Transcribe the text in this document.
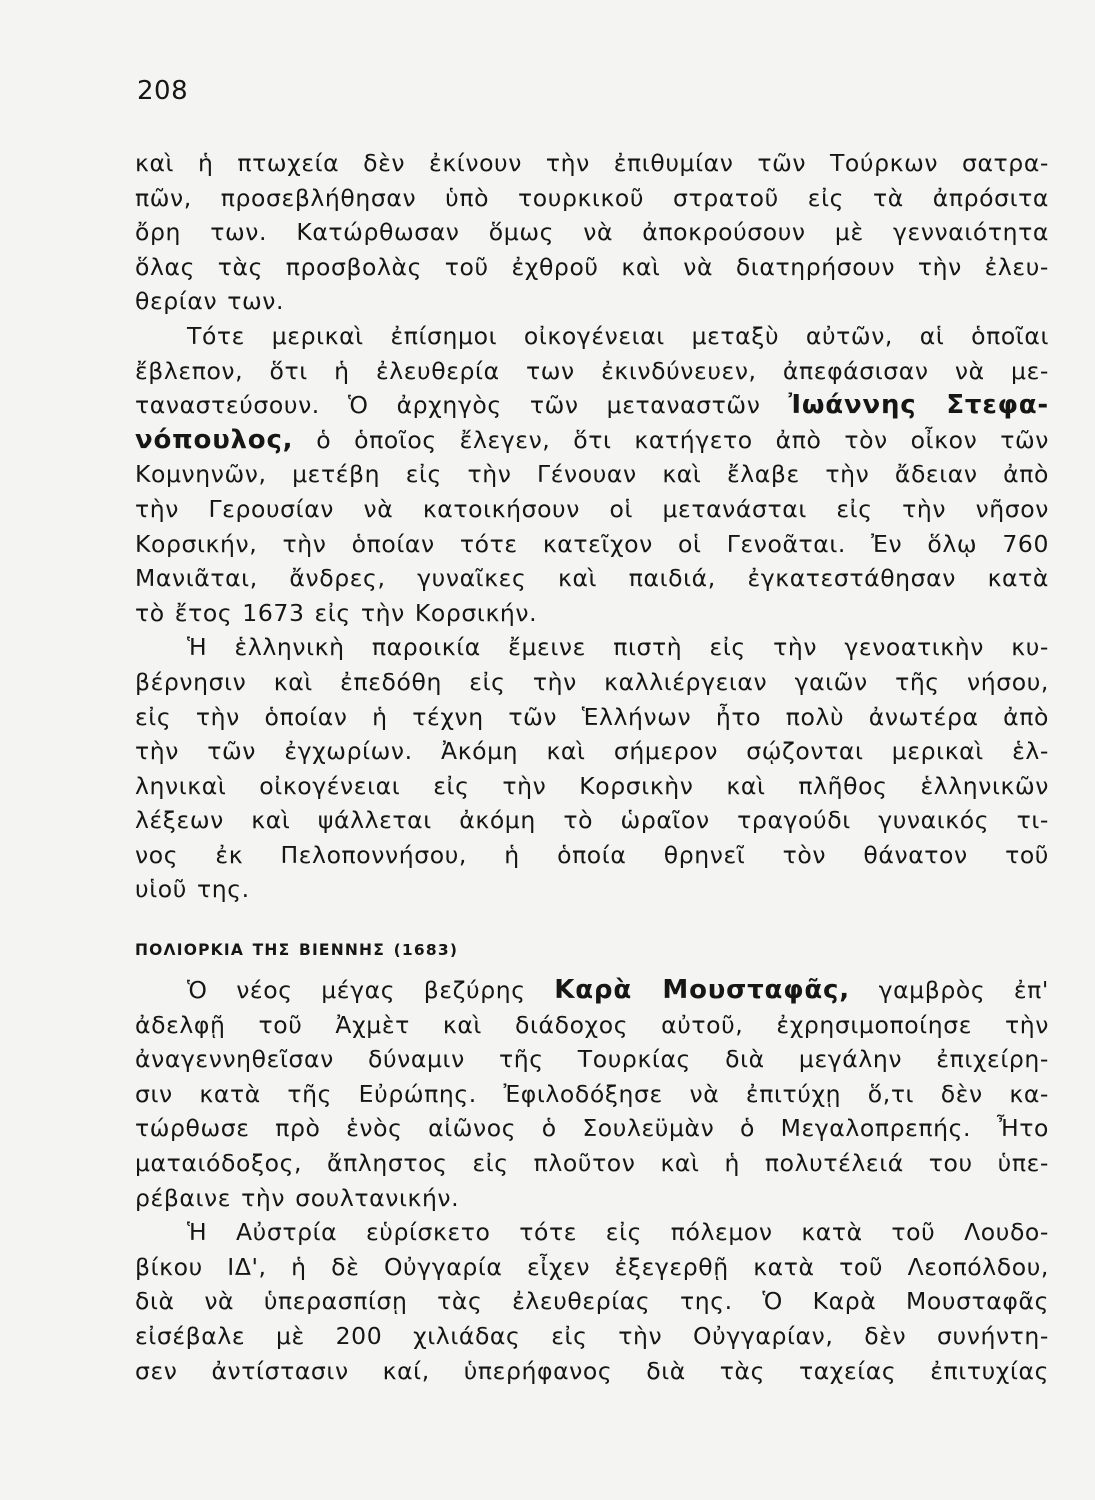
208
καὶ ἡ πτωχεία δὲν ἐκίνουν τὴν ἐπιθυμίαν τῶν Τούρκων σατρα-
πῶν, προσεβλήθησαν ὑπὸ τουρκικοῦ στρατοῦ εἰς τὰ ἀπρόσιτα
ὄρη των. Κατώρθωσαν ὅμως νὰ ἀποκρούσουν μὲ γενναιότητα
ὅλας τὰς προσβολὰς τοῦ ἐχθροῦ καὶ νὰ διατηρήσουν τὴν ἐλευ-
θερίαν των.
Τότε μερικαὶ ἐπίσημοι οἰκογένειαι μεταξὺ αὐτῶν, αἱ ὁποῖαι
ἔβλεπον, ὅτι ἡ ἐλευθερία των ἐκινδύνευεν, ἀπεφάσισαν νὰ με-
ταναστεύσουν. Ὁ ἀρχηγὸς τῶν μεταναστῶν Ἰωάννης Στεφα-
νόπουλος, ὁ ὁποῖος ἔλεγεν, ὅτι κατήγετο ἀπὸ τὸν οἶκον τῶν
Κομνηνῶν, μετέβη εἰς τὴν Γένουαν καὶ ἔλαβε τὴν ἄδειαν ἀπὸ
τὴν Γερουσίαν νὰ κατοικήσουν οἱ μετανάσται εἰς τὴν νῆσον
Κορσικήν, τὴν ὁποίαν τότε κατεῖχον οἱ Γενοᾶται. Ἐν ὅλῳ 760
Μανιᾶται, ἄνδρες, γυναῖκες καὶ παιδιά, ἐγκατεστάθησαν κατὰ
τὸ ἔτος 1673 εἰς τὴν Κορσικήν.
Ἡ ἑλληνικὴ παροικία ἔμεινε πιστὴ εἰς τὴν γενοατικὴν κυ-
βέρνησιν καὶ ἐπεδόθη εἰς τὴν καλλιέργειαν γαιῶν τῆς νήσου,
εἰς τὴν ὁποίαν ἡ τέχνη τῶν Ἑλλήνων ἦτο πολὺ ἀνωτέρα ἀπὸ
τὴν τῶν ἐγχωρίων. Ἀκόμη καὶ σήμερον σῴζονται μερικαὶ ἑλ-
ληνικαὶ οἰκογένειαι εἰς τὴν Κορσικὴν καὶ πλῆθος ἑλληνικῶν
λέξεων καὶ ψάλλεται ἀκόμη τὸ ὡραῖον τραγούδι γυναικός τι-
νος ἐκ Πελοποννήσου, ἡ ὁποία θρηνεῖ τὸν θάνατον τοῦ
υἱοῦ της.
ΠΟΛΙΟΡΚΙΑ ΤΗΣ ΒΙΕΝΝΗΣ (1683)
Ὁ νέος μέγας βεζύρης Καρὰ Μουσταφᾶς, γαμβρὸς ἐπ'
ἀδελφῇ τοῦ Ἀχμὲτ καὶ διάδοχος αὐτοῦ, ἐχρησιμοποίησε τὴν
ἀναγεννηθεῖσαν δύναμιν τῆς Τουρκίας διὰ μεγάλην ἐπιχείρη-
σιν κατὰ τῆς Εὐρώπης. Ἐφιλοδόξησε νὰ ἐπιτύχῃ ὅ,τι δὲν κα-
τώρθωσε πρὸ ἑνὸς αἰῶνος ὁ Σουλεϋμὰν ὁ Μεγαλοπρεπής. Ἦτο
ματαιόδοξος, ἄπληστος εἰς πλοῦτον καὶ ἡ πολυτέλειά του ὑπε-
ρέβαινε τὴν σουλτανικήν.
Ἡ Αὐστρία εὑρίσκετο τότε εἰς πόλεμον κατὰ τοῦ Λουδο-
βίκου ΙΔ', ἡ δὲ Οὐγγαρία εἶχεν ἐξεγερθῇ κατὰ τοῦ Λεοπόλδου,
διὰ νὰ ὑπερασπίσῃ τὰς ἐλευθερίας της. Ὁ Καρὰ Μουσταφᾶς
εἰσέβαλε μὲ 200 χιλιάδας εἰς τὴν Οὐγγαρίαν, δὲν συνήντη-
σεν ἀντίστασιν καί, ὑπερήφανος διὰ τὰς ταχείας ἐπιτυχίας
